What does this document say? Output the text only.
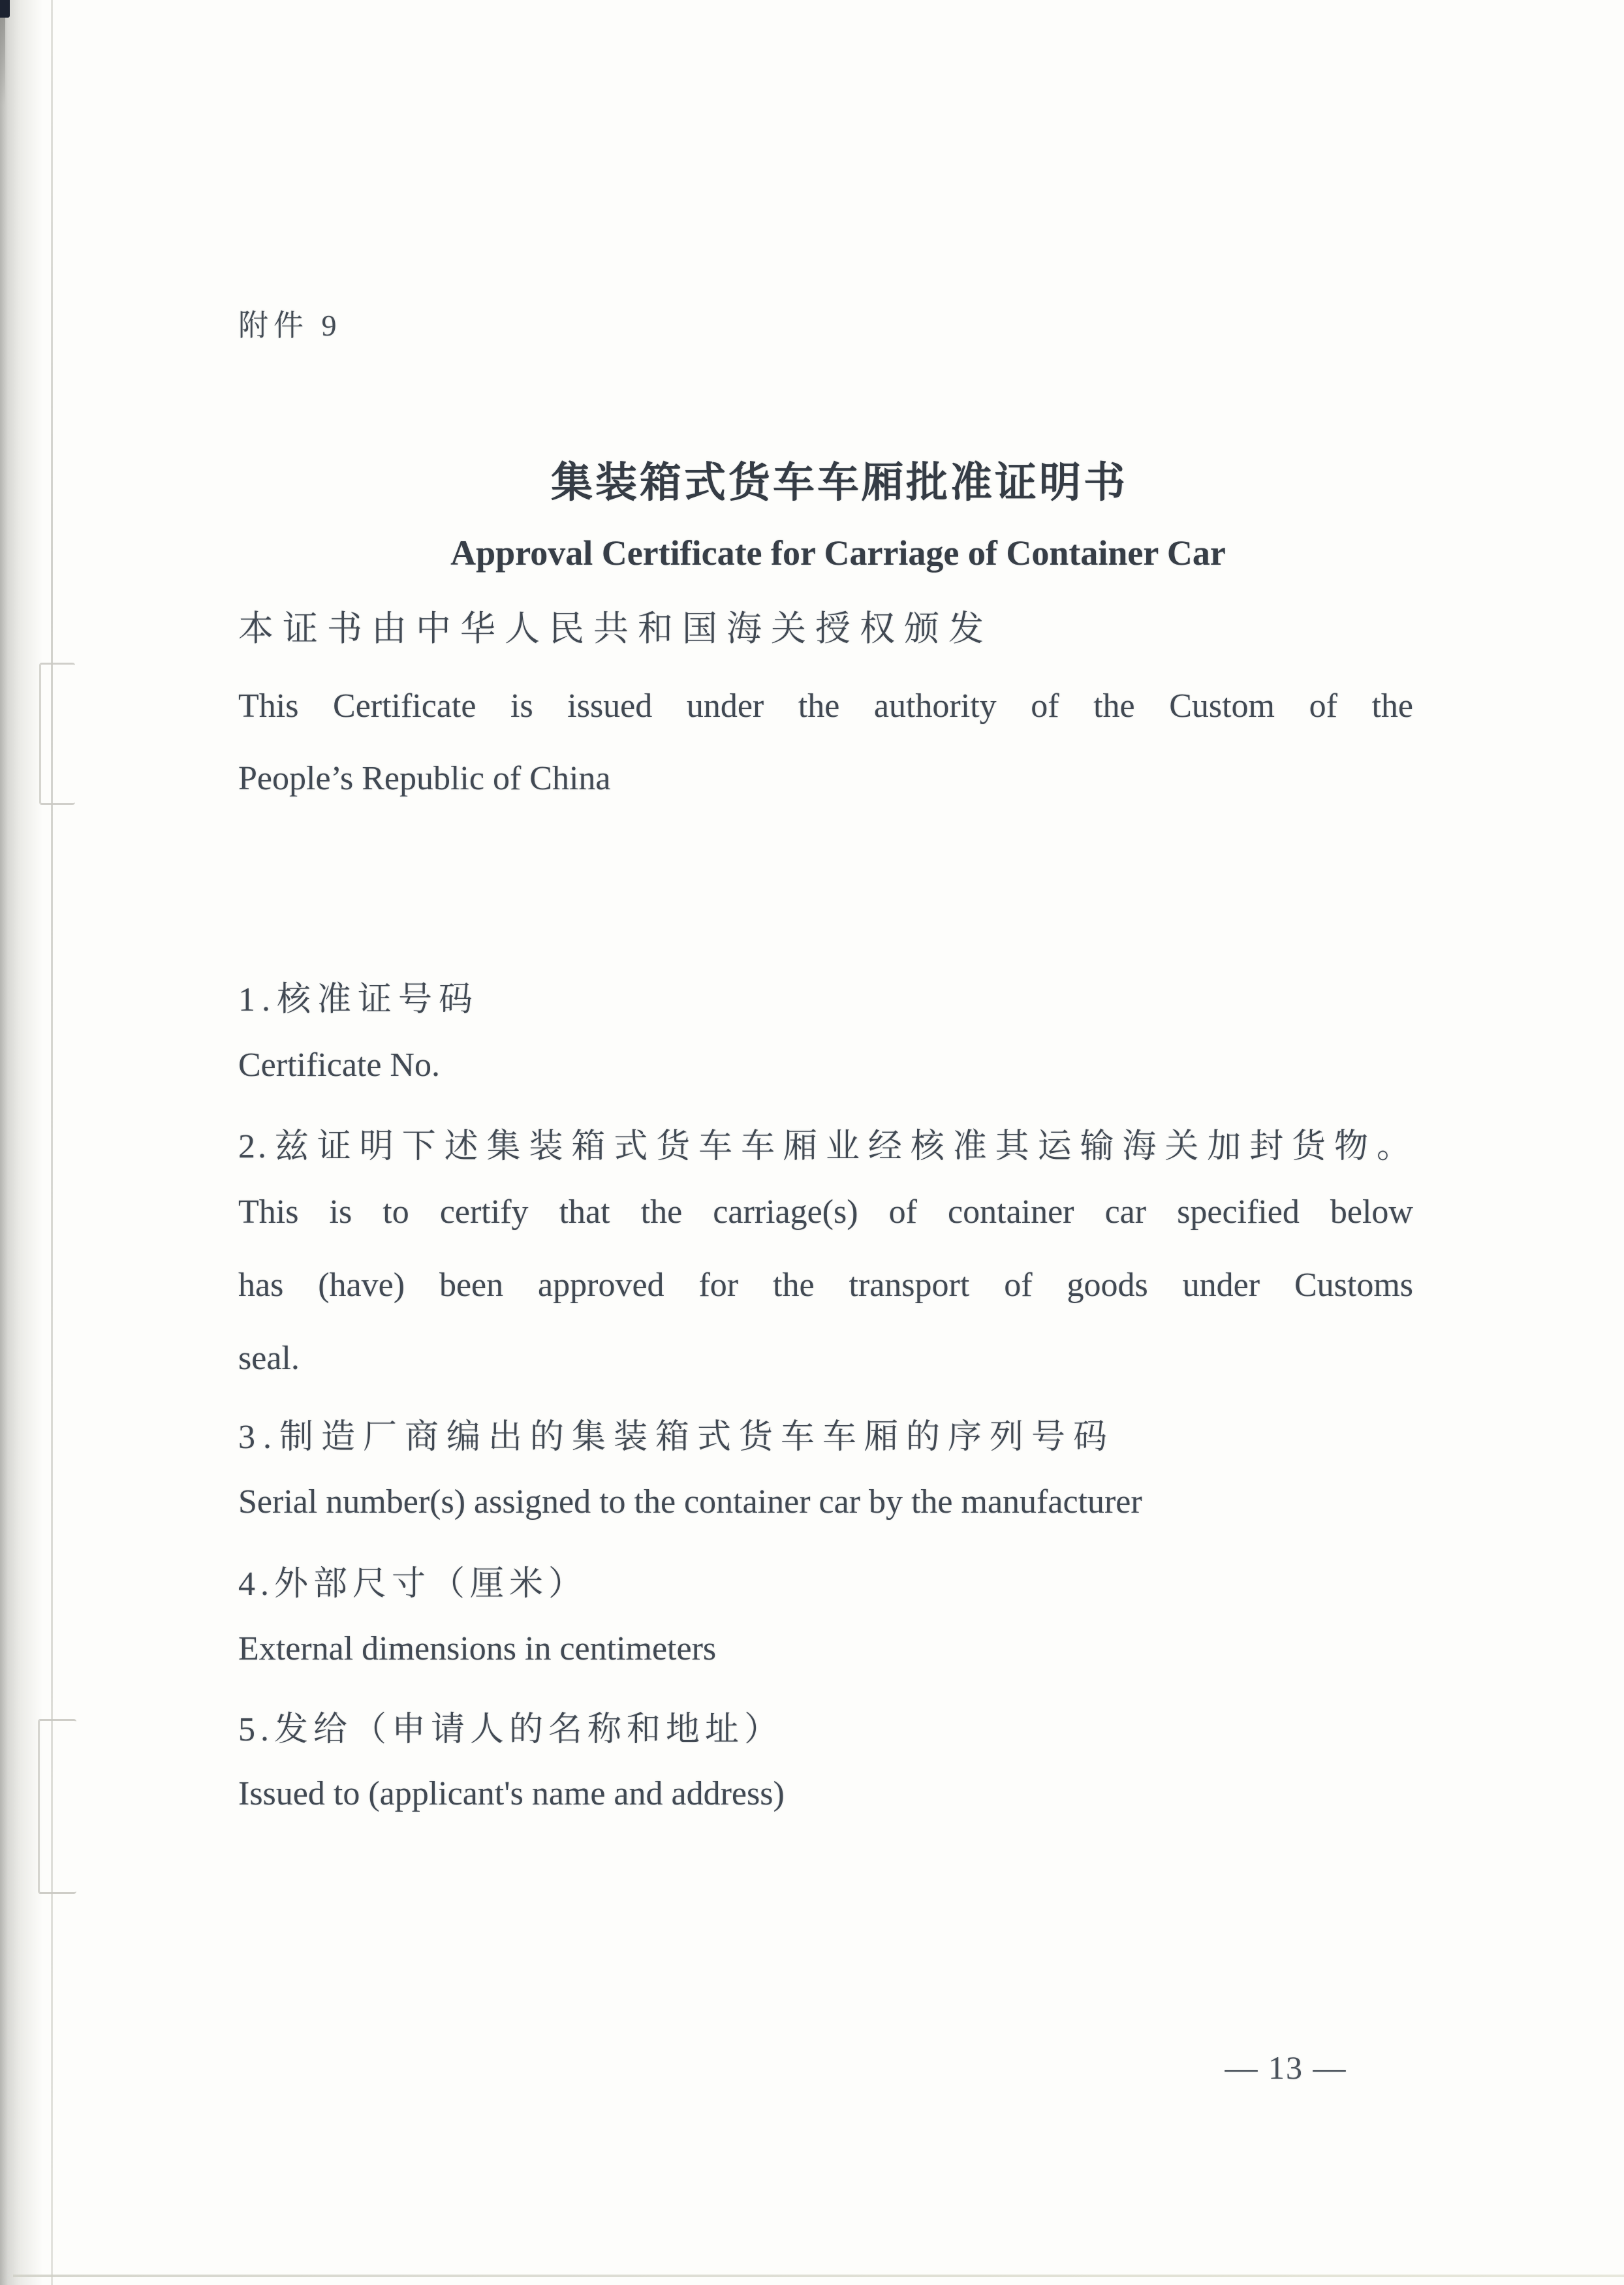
附件 9
集装箱式货车车厢批准证明书
Approval Certificate for Carriage of Container Car
本证书由中华人民共和国海关授权颁发
This Certificate is issued under the authority of the Custom of the
People’s Republic of China
1.核准证号码
Certificate No.
2.兹证明下述集装箱式货车车厢业经核准其运输海关加封货物。
This is to certify that the carriage(s) of container car specified below
has (have) been approved for the transport of goods under Customs
seal.
3.制造厂商编出的集装箱式货车车厢的序列号码
Serial number(s) assigned to the container car by the manufacturer
4.外部尺寸（厘米）
External dimensions in centimeters
5.发给（申请人的名称和地址）
Issued to (applicant's name and address)
— 13 —
